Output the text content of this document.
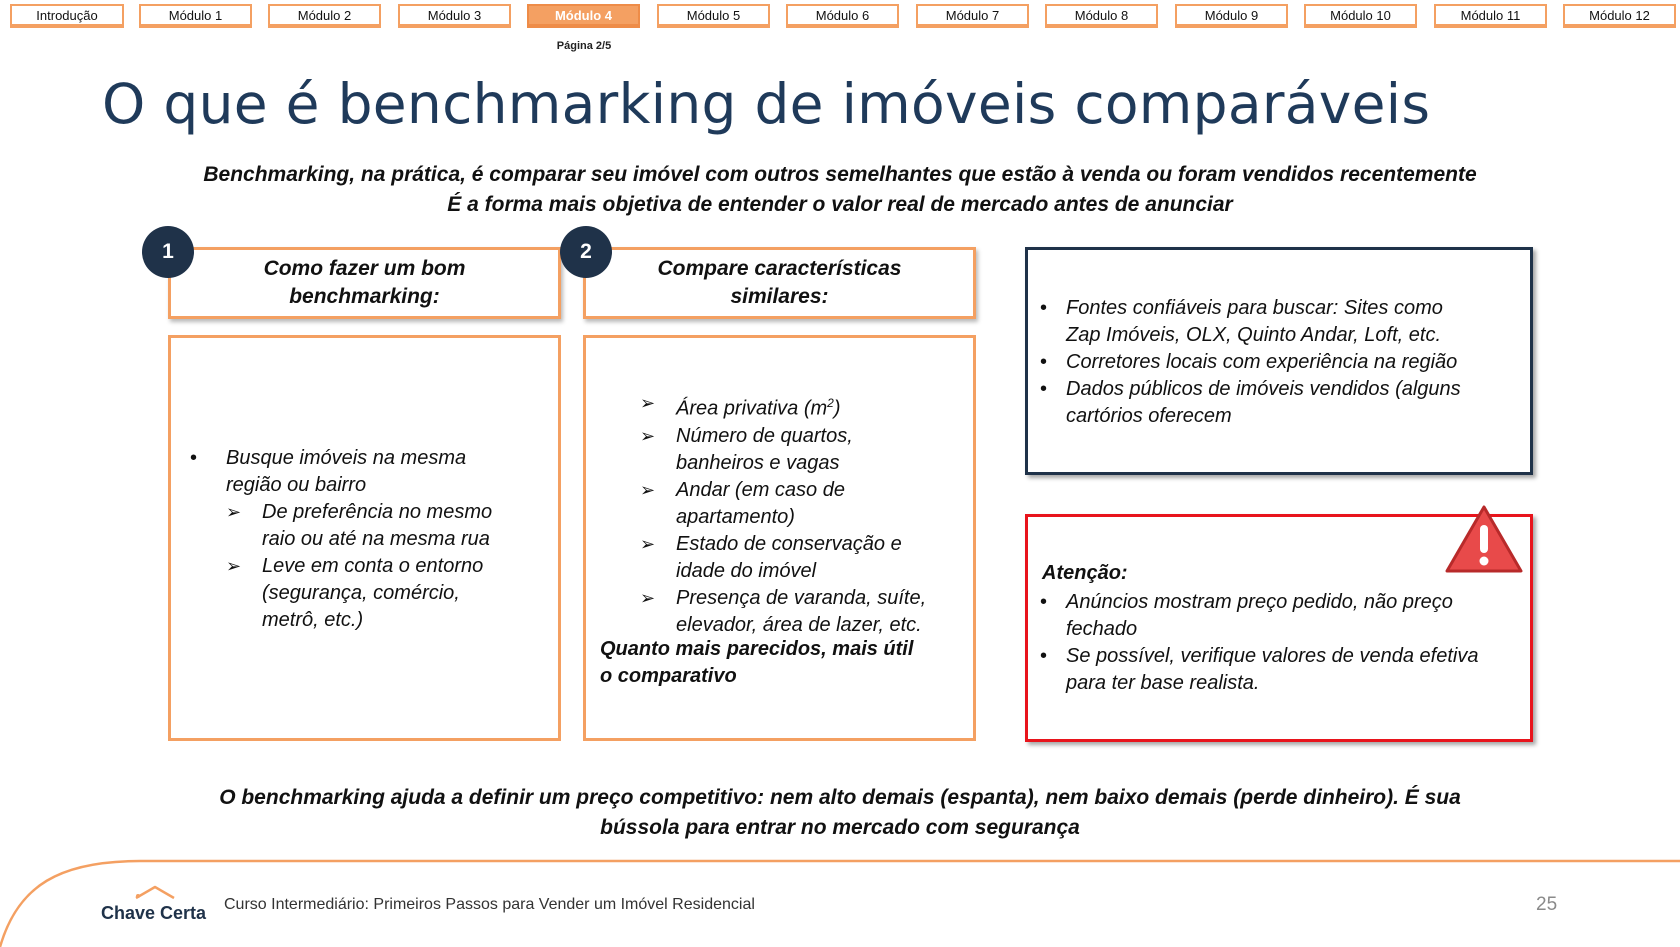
Introdução	Módulo 1	Módulo 2	Módulo 3	Módulo 4	Módulo 5	Módulo 6	Módulo 7	Módulo 8	Módulo 9	Módulo 10	Módulo 11	Módulo 12
Página 2/5
O que é benchmarking de imóveis comparáveis
Benchmarking, na prática, é comparar seu imóvel com outros semelhantes que estão à venda ou foram vendidos recentemente
É a forma mais objetiva de entender o valor real de mercado antes de anunciar
Como fazer um bom
benchmarking:
1
• Busque imóveis na mesma
região ou bairro
➢ De preferência no mesmo
raio ou até na mesma rua
➢ Leve em conta o entorno
(segurança, comércio,
metrô, etc.)
Compare características
similares:
2
➢ Área privativa $(m^2)$
➢ Número de quartos,
banheiros e vagas
➢ Andar (em caso de
apartamento)
➢ Estado de conservação e
idade do imóvel
➢ Presença de varanda, suíte,
elevador, área de lazer, etc.
Quanto mais parecidos, mais útil
o comparativo
• Fontes confiáveis para buscar: Sites como
Zap Imóveis, OLX, Quinto Andar, Loft, etc.
• Corretores locais com experiência na região
• Dados públicos de imóveis vendidos (alguns
cartórios oferecem
Atenção:
• Anúncios mostram preço pedido, não preço
fechado
• Se possível, verifique valores de venda efetiva
para ter base realista.
O benchmarking ajuda a definir um preço competitivo: nem alto demais (espanta), nem baixo demais (perde dinheiro). É sua
bússola para entrar no mercado com segurança
Chave Certa Curso Intermediário: Primeiros Passos para Vender um Imóvel Residencial	25
